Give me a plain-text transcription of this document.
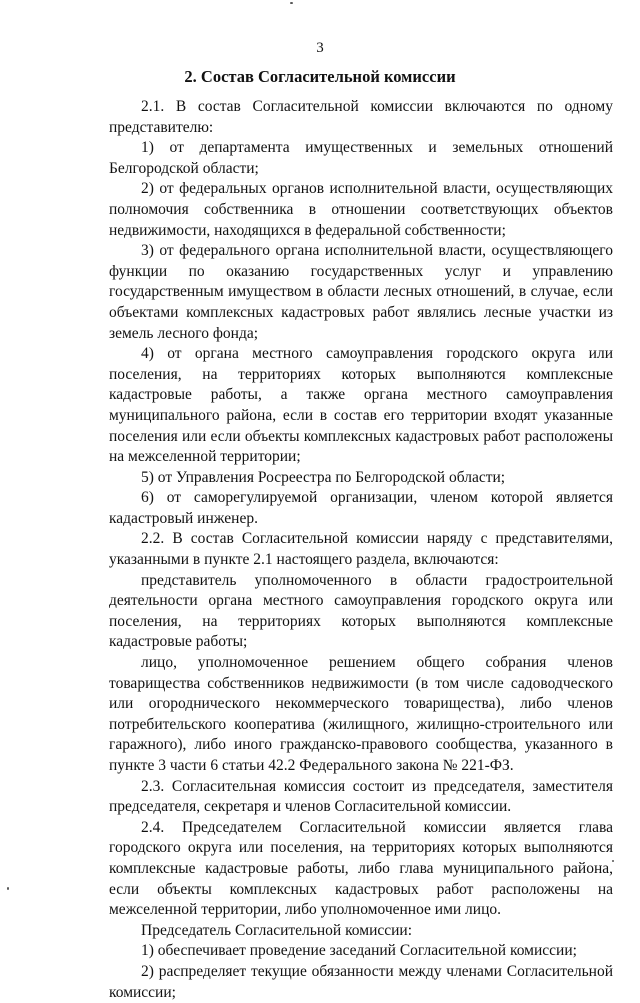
3
2. Состав Согласительной комиссии

2.1. В состав Согласительной комиссии включаются по одному представителю:

1) от департамента имущественных и земельных отношений Белгородской области;

2) от федеральных органов исполнительной власти, осуществляющих полномочия собственника в отношении соответствующих объектов недвижимости, находящихся в федеральной собственности;

3) от федерального органа исполнительной власти, осуществляющего функции по оказанию государственных услуг и управлению государственным имуществом в области лесных отношений, в случае, если объектами комплексных кадастровых работ являлись лесные участки из земель лесного фонда;

4) от органа местного самоуправления городского округа или поселения, на территориях которых выполняются комплексные кадастровые работы, а также органа местного самоуправления муниципального района, если в состав его территории входят указанные поселения или если объекты комплексных кадастровых работ расположены на межселенной территории;

5) от Управления Росреестра по Белгородской области;

6) от саморегулируемой организации, членом которой является кадастровый инженер.

2.2. В состав Согласительной комиссии наряду с представителями, указанными в пункте 2.1 настоящего раздела, включаются:

представитель уполномоченного в области градостроительной деятельности органа местного самоуправления городского округа или поселения, на территориях которых выполняются комплексные кадастровые работы;

лицо, уполномоченное решением общего собрания членов товарищества собственников недвижимости (в том числе садоводческого или огороднического некоммерческого товарищества), либо членов потребительского кооператива (жилищного, жилищно-строительного или гаражного), либо иного гражданско-правового сообщества, указанного в пункте 3 части 6 статьи 42.2 Федерального закона № 221-ФЗ.

2.3. Согласительная комиссия состоит из председателя, заместителя председателя, секретаря и членов Согласительной комиссии.

2.4. Председателем Согласительной комиссии является глава городского округа или поселения, на территориях которых выполняются комплексные кадастровые работы, либо глава муниципального района, если объекты комплексных кадастровых работ расположены на межселенной территории, либо уполномоченное ими лицо.

Председатель Согласительной комиссии:

1) обеспечивает проведение заседаний Согласительной комиссии;

2) распределяет текущие обязанности между членами Согласительной комиссии;
